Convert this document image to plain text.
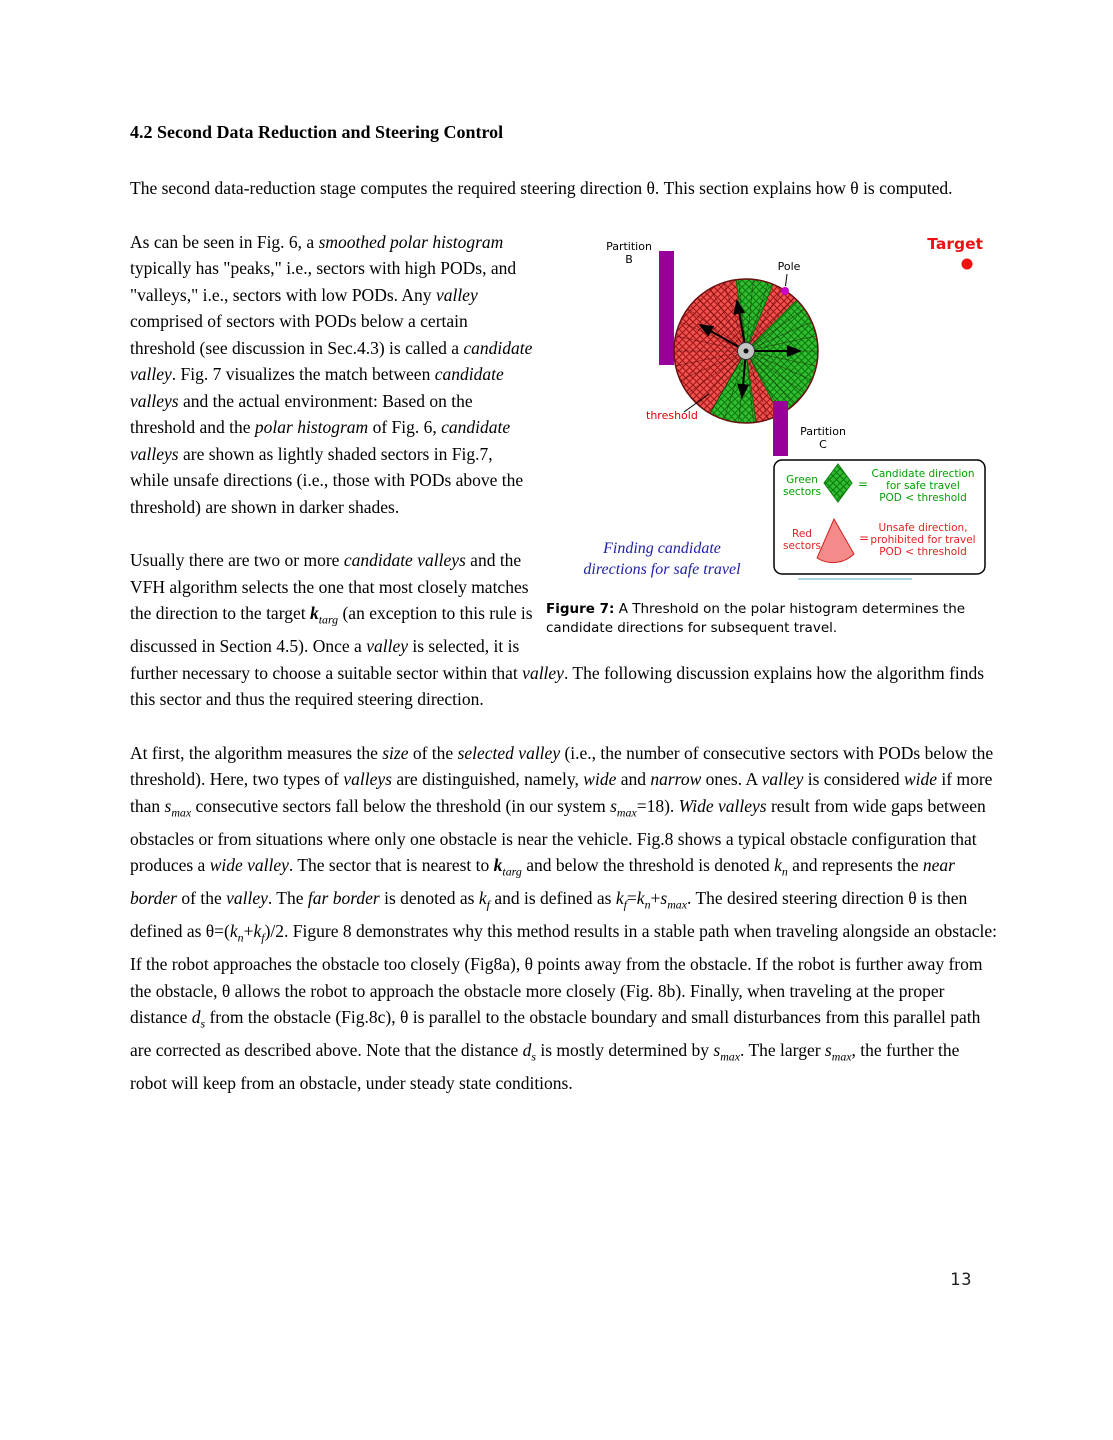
4.2 Second Data Reduction and Steering Control

The second data-reduction stage computes the required steering direction θ. This section explains how θ is computed.

Partition
B
Pole
Target
threshold
Partition
C
Green
sectors
=
Candidate direction
for safe travel
POD < threshold
Red
sectors
=
Unsafe direction,
prohibited for travel
POD < threshold
Finding candidate
directions for safe travel
Figure 7: A Threshold on the polar histogram determines the candidate directions for subsequent travel.

As can be seen in Fig. 6, a smoothed polar histogram typically has "peaks," i.e., sectors with high PODs, and "valleys," i.e., sectors with low PODs. Any valley comprised of sectors with PODs below a certain threshold (see discussion in Sec.4.3) is called a candidate valley. Fig. 7 visualizes the match between candidate valleys and the actual environment: Based on the threshold and the polar histogram of Fig. 6, candidate valleys are shown as lightly shaded sectors in Fig.7, while unsafe directions (i.e., those with PODs above the threshold) are shown in darker shades.

Usually there are two or more candidate valleys and the VFH algorithm selects the one that most closely matches the direction to the target $k_{targ}$ (an exception to this rule is discussed in Section 4.5). Once a valley is selected, it is further necessary to choose a suitable sector within that valley. The following discussion explains how the algorithm finds this sector and thus the required steering direction.

At first, the algorithm measures the size of the selected valley (i.e., the number of consecutive sectors with PODs below the threshold). Here, two types of valleys are distinguished, namely, wide and narrow ones. A valley is considered wide if more than $s_{max}$ consecutive sectors fall below the threshold (in our system $s_{max}=18$). Wide valleys result from wide gaps between obstacles or from situations where only one obstacle is near the vehicle. Fig.8 shows a typical obstacle configuration that produces a wide valley. The sector that is nearest to $k_{targ}$ and below the threshold is denoted $k_n$ and represents the near border of the valley. The far border is denoted as $k_f$ and is defined as $k_f=k_n+s_{max}$. The desired steering direction θ is then defined as $\theta=(k_n+k_f)/2$. Figure 8 demonstrates why this method results in a stable path when traveling alongside an obstacle: If the robot approaches the obstacle too closely (Fig8a), θ points away from the obstacle. If the robot is further away from the obstacle, θ allows the robot to approach the obstacle more closely (Fig. 8b). Finally, when traveling at the proper distance $d_s$ from the obstacle (Fig.8c), θ is parallel to the obstacle boundary and small disturbances from this parallel path are corrected as described above. Note that the distance $d_s$ is mostly determined by $s_{max}$. The larger $s_{max}$, the further the robot will keep from an obstacle, under steady state conditions.

13
